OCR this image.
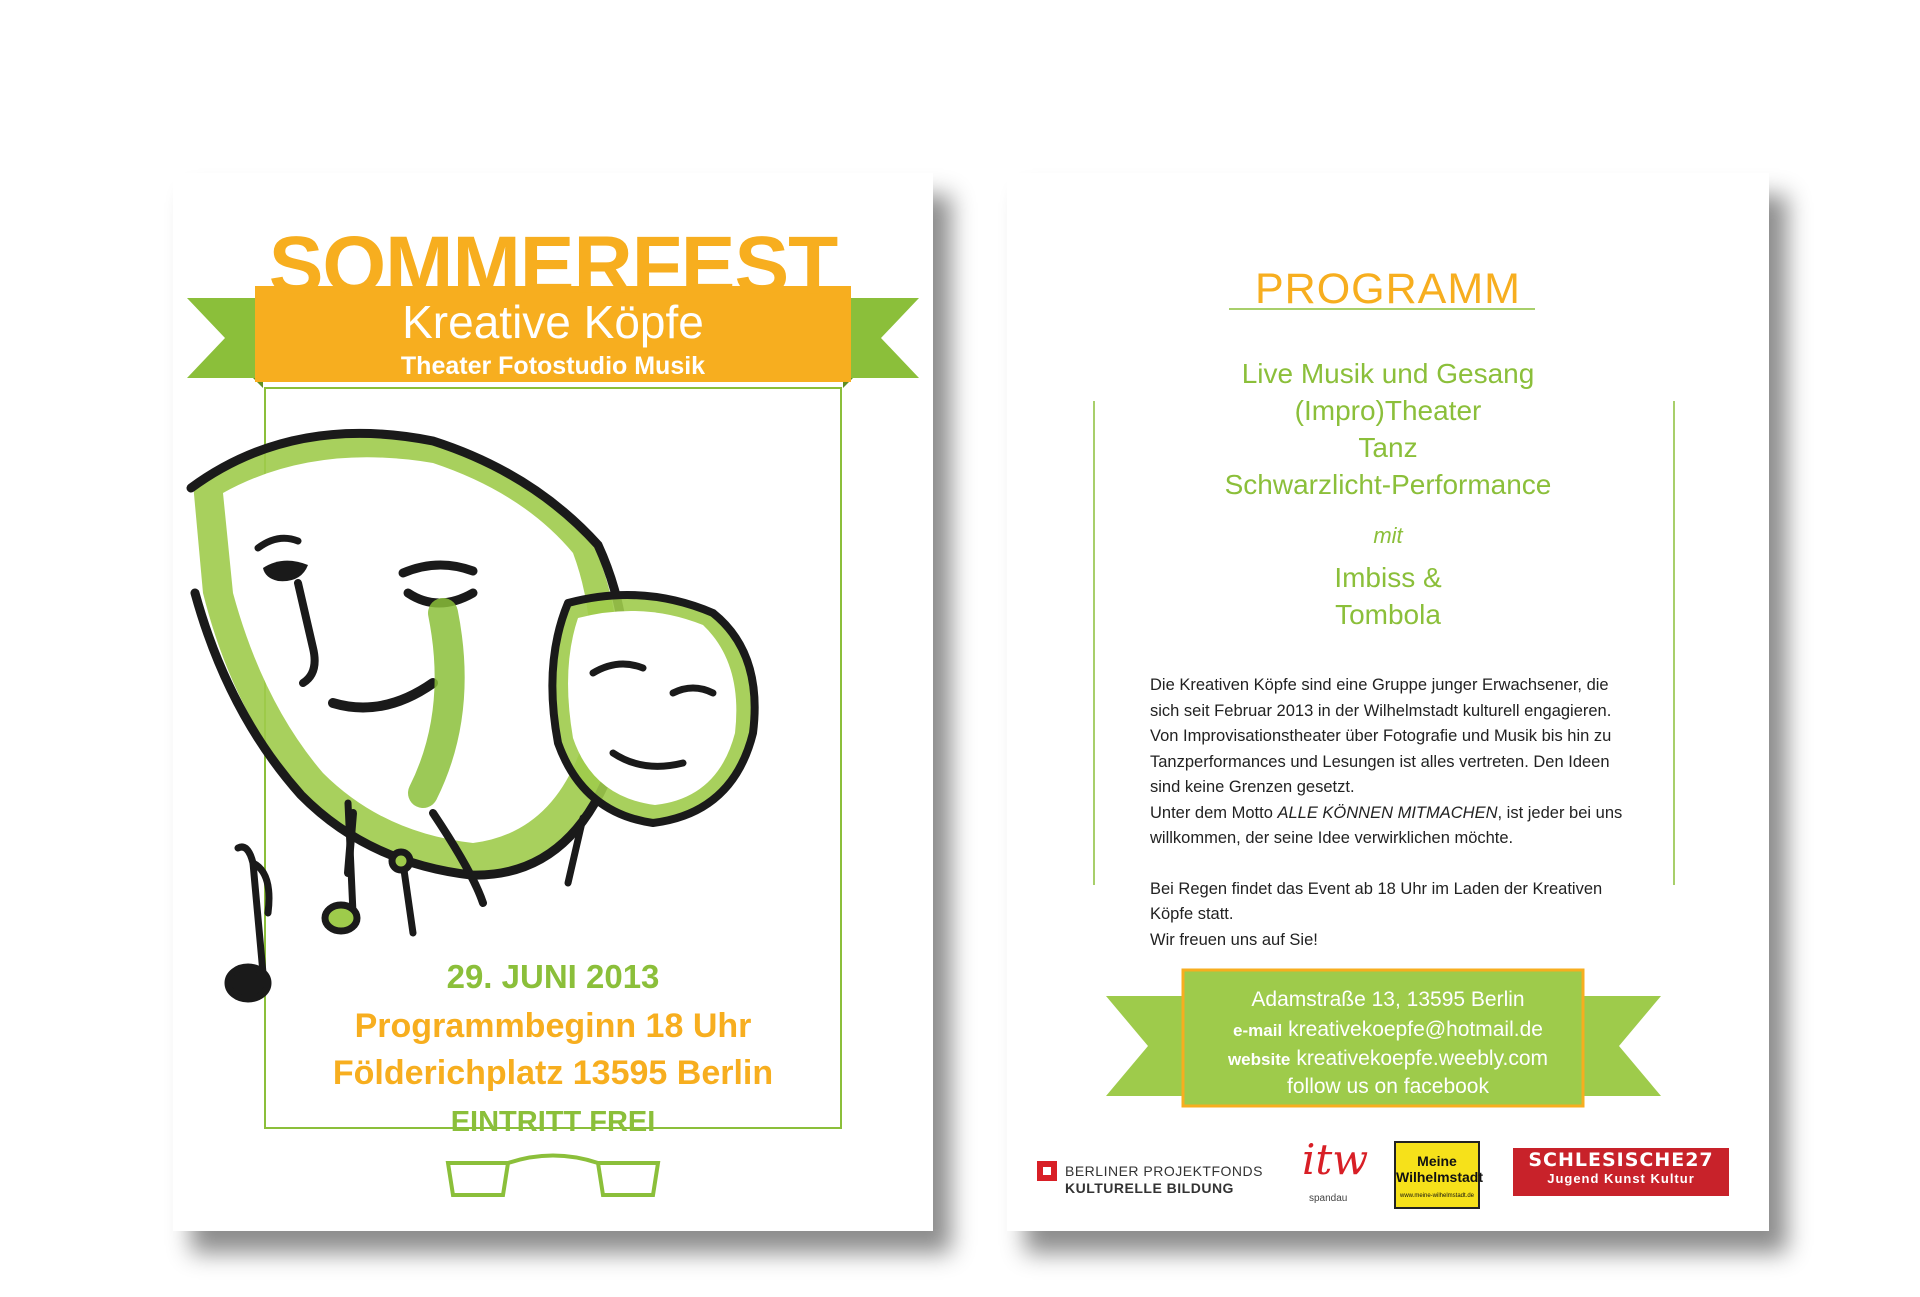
SOMMERFEST
Kreative Köpfe
Theater Fotostudio Musik
29. JUNI 2013
Programmbeginn 18 Uhr
Földerichplatz 13595 Berlin
EINTRITT FREI
PROGRAMM
Live Musik und Gesang
(Impro)Theater
Tanz
Schwarzlicht-Performance
mit
Imbiss &
Tombola

Die Kreativen Köpfe sind eine Gruppe junger Erwachsener, die

sich seit Februar 2013 in der Wilhelmstadt kulturell engagieren.

Von Improvisationstheater über Fotografie und Musik bis hin zu

Tanzperformances und Lesungen ist alles vertreten. Den Ideen

sind keine Grenzen gesetzt.

Unter dem Motto ALLE KÖNNEN MITMACHEN, ist jeder bei uns

willkommen, der seine Idee verwirklichen möchte.

Bei Regen findet das Event ab 18 Uhr im Laden der Kreativen

Köpfe statt.

Wir freuen uns auf Sie!

Adamstraße 13, 13595 Berlin
e-mail kreativekoepfe@hotmail.de
website kreativekoepfe.weebly.com
follow us on facebook
BERLINER PROJEKTFONDS
KULTURELLE BILDUNG
itw
spandau
Meine
Wilhelmstadt
www.meine-wilhelmstadt.de
SCHLESISCHE27
Jugend Kunst Kultur
